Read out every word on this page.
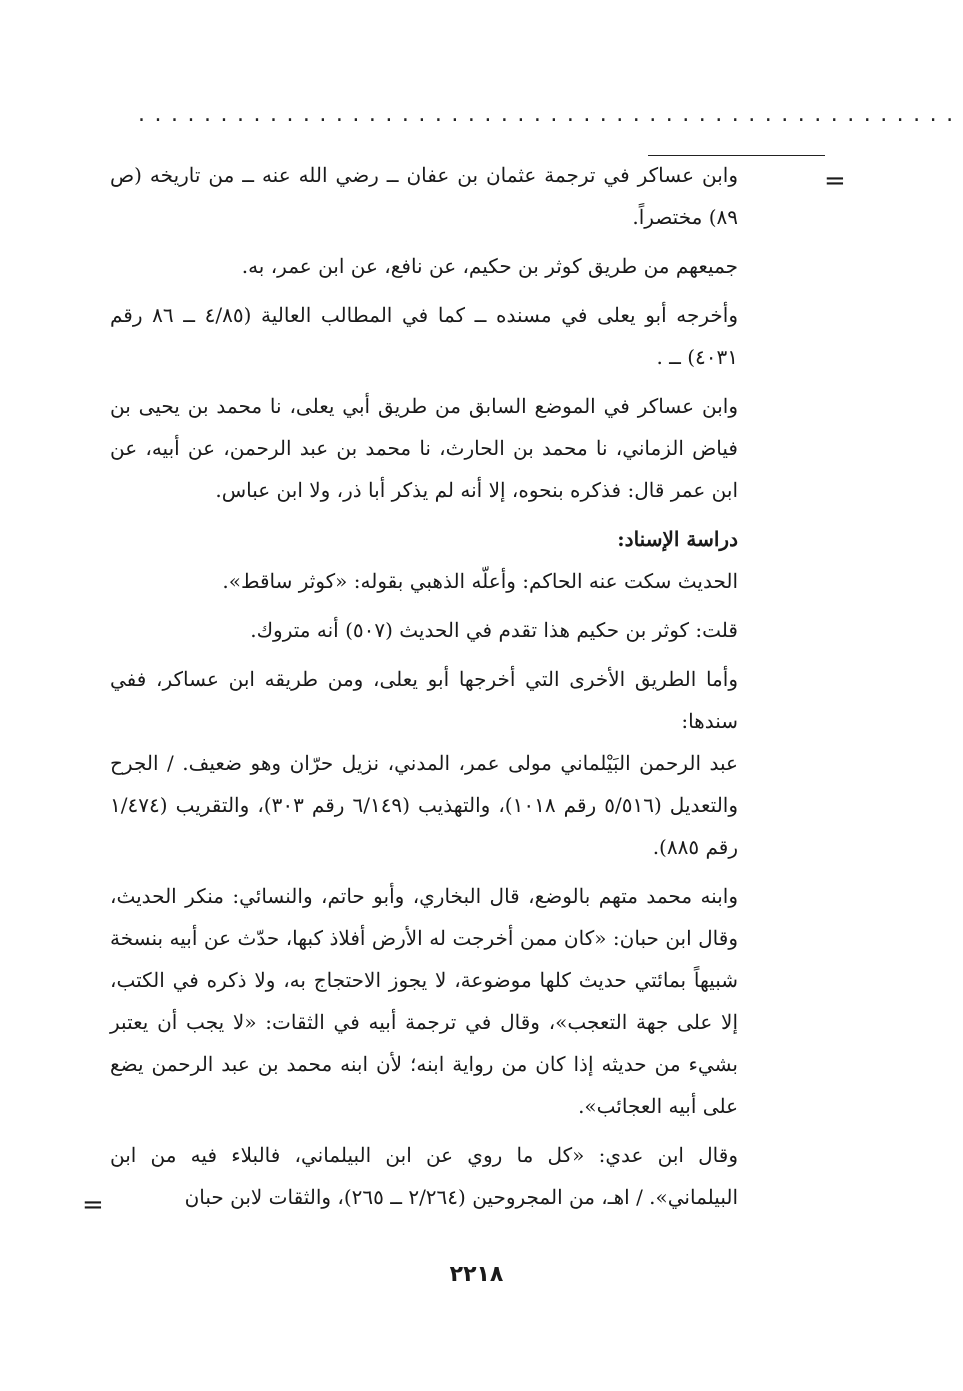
..................................................
=

وابن عساكر في ترجمة عثمان بن عفان ــ رضي الله عنه ــ من تاريخه (ص ٨٩) مختصراً.

جميعهم من طريق كوثر بن حكيم، عن نافع، عن ابن عمر، به.

وأخرجه أبو يعلى في مسنده ــ كما في المطالب العالية (٤/٨٥ ــ ٨٦ رقم ٤٠٣١) ــ .

وابن عساكر في الموضع السابق من طريق أبي يعلى، نا محمد بن يحيى بن فياض الزماني، نا محمد بن الحارث، نا محمد بن عبد الرحمن، عن أبيه، عن ابن عمر قال: فذكره بنحوه، إلا أنه لم يذكر أبا ذر، ولا ابن عباس.

دراسة الإسناد:

الحديث سكت عنه الحاكم: وأعلّه الذهبي بقوله: «كوثر ساقط».

قلت: كوثر بن حكيم هذا تقدم في الحديث (٥٠٧) أنه متروك.

وأما الطريق الأخرى التي أخرجها أبو يعلى، ومن طريقه ابن عساكر، ففي سندها:

عبد الرحمن البَيْلماني مولى عمر، المدني، نزيل حرّان وهو ضعيف. / الجرح والتعديل (٥/٥١٦ رقم ١٠١٨)، والتهذيب (٦/١٤٩ رقم ٣٠٣)، والتقريب (١/٤٧٤ رقم ٨٨٥).

وابنه محمد متهم بالوضع، قال البخاري، وأبو حاتم، والنسائي: منكر الحديث، وقال ابن حبان: «كان ممن أخرجت له الأرض أفلاذ كبها، حدّث عن أبيه بنسخة شبيهاً بمائتي حديث كلها موضوعة، لا يجوز الاحتجاج به، ولا ذكره في الكتب، إلا على جهة التعجب»، وقال في ترجمة أبيه في الثقات: «لا يجب أن يعتبر بشيء من حديثه إذا كان من رواية ابنه؛ لأن ابنه محمد بن عبد الرحمن يضع على أبيه العجائب».

وقال ابن عدي: «كل ما روي عن ابن البيلماني، فالبلاء فيه من ابن البيلماني». / اهـ، من المجروحين (٢/٢٦٤ ــ ٢٦٥)، والثقات لابن حبان

=
٢٢١٨
